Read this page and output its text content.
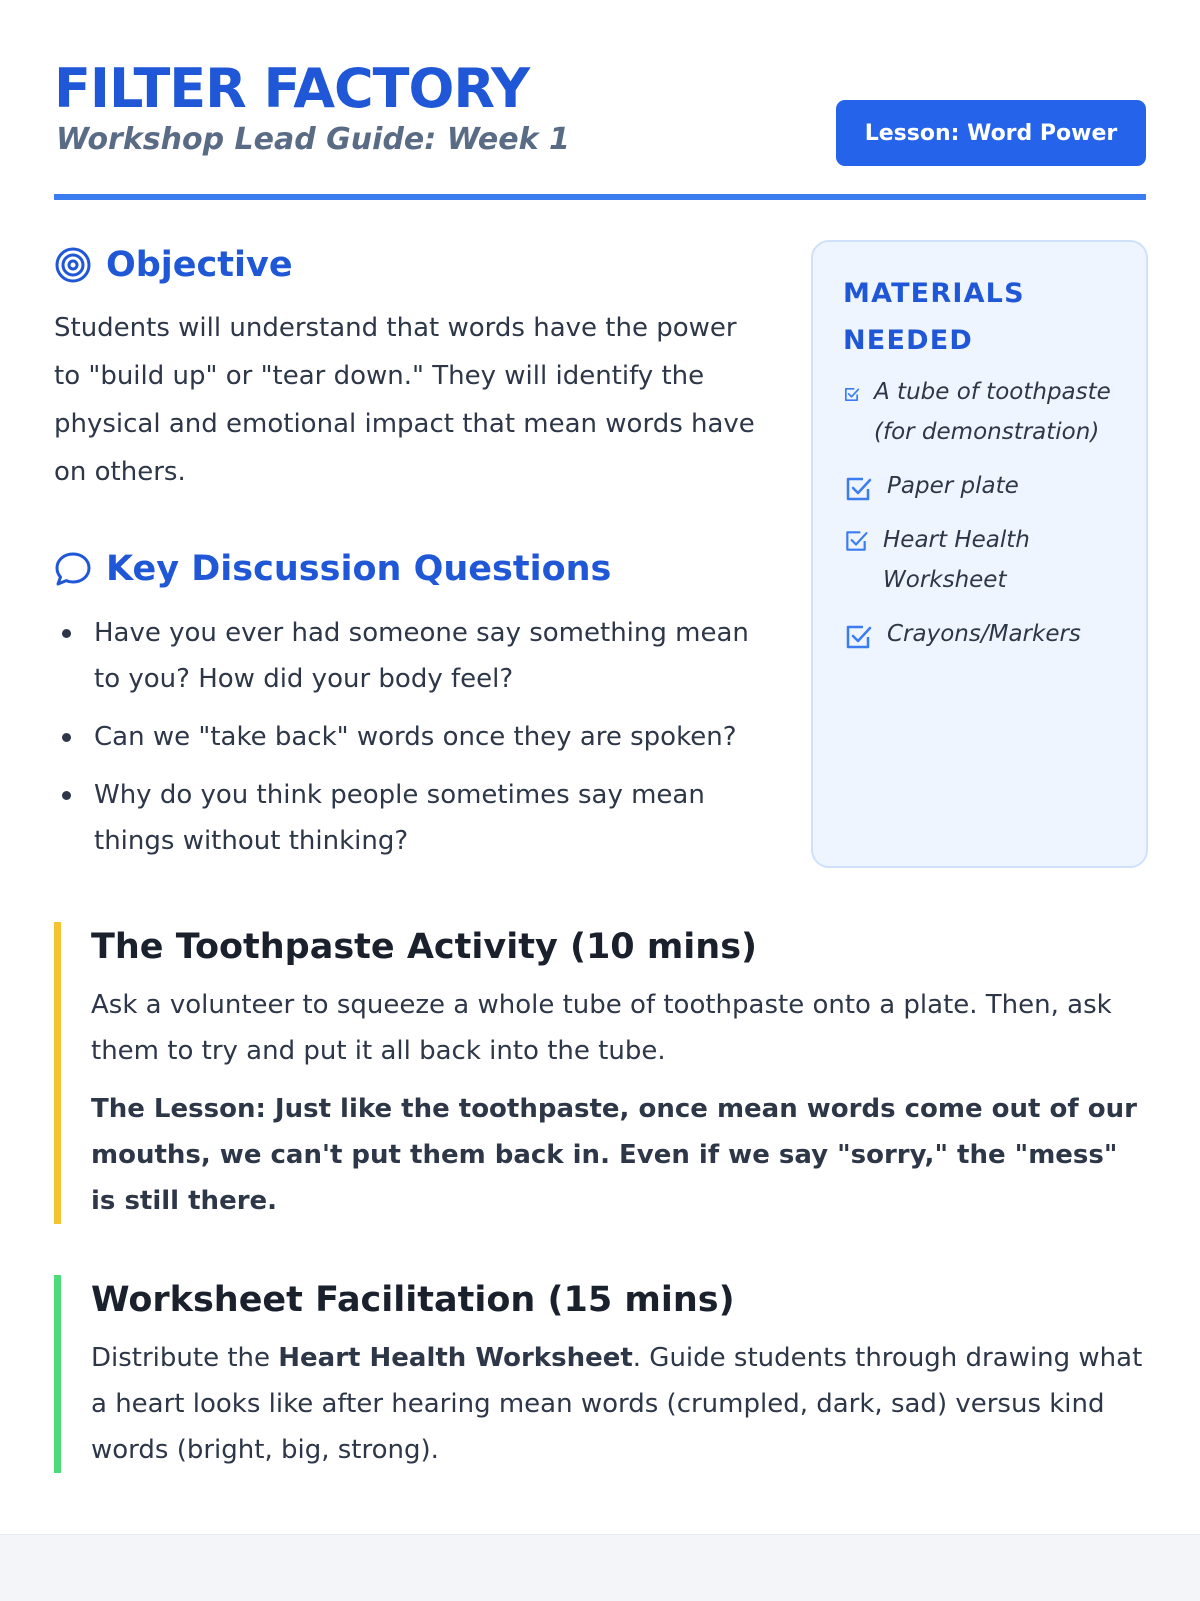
FILTER FACTORY
Workshop Lead Guide: Week 1	Lesson: Word Power
Objective

Students will understand that words have the power to "build up" or "tear down." They will identify the physical and emotional impact that mean words have on others.

Key Discussion Questions
Have you ever had someone say something mean to you? How did your body feel?
Can we "take back" words once they are spoken?
Why do you think people sometimes say mean things without thinking?
MATERIALS NEEDED
A tube of toothpaste (for demonstration)
Paper plate
Heart Health Worksheet
Crayons/Markers
The Toothpaste Activity (10 mins)

Ask a volunteer to squeeze a whole tube of toothpaste onto a plate. Then, ask them to try and put it all back into the tube.

The Lesson: Just like the toothpaste, once mean words come out of our mouths, we can't put them back in. Even if we say "sorry," the "mess" is still there.

Worksheet Facilitation (15 mins)

Distribute the Heart Health Worksheet. Guide students through drawing what a heart looks like after hearing mean words (crumpled, dark, sad) versus kind words (bright, big, strong).
